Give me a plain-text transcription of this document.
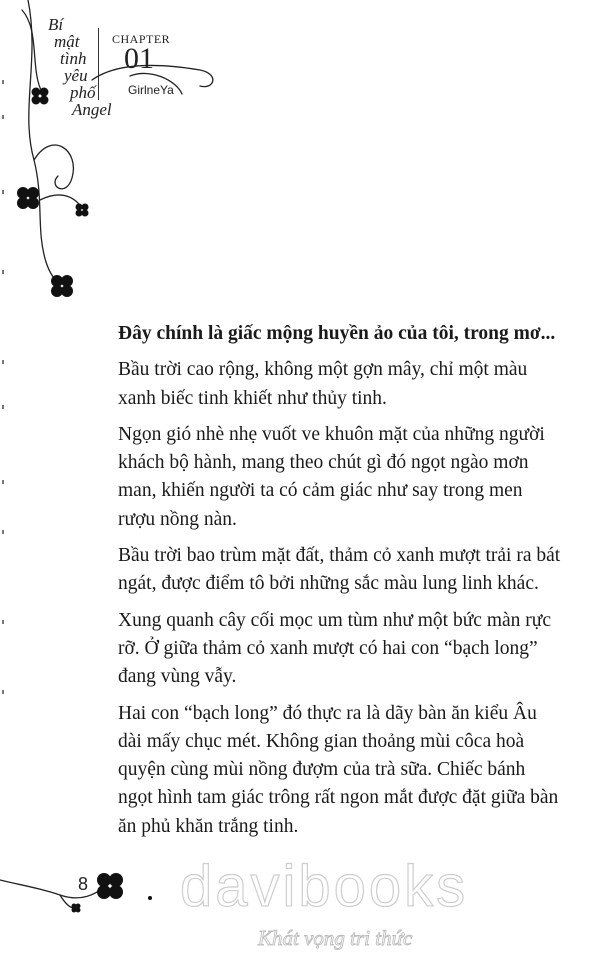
Bí
mật
tình
yêu
phố
Angel
CHAPTER
01
GirlneYa

Đây chính là giấc mộng huyền ảo của tôi, trong mơ...

Bầu trời cao rộng, không một gợn mây, chỉ một màu xanh biếc tinh khiết như thủy tinh.

Ngọn gió nhè nhẹ vuốt ve khuôn mặt của những người khách bộ hành, mang theo chút gì đó ngọt ngào mơn man, khiến người ta có cảm giác như say trong men rượu nồng nàn.

Bầu trời bao trùm mặt đất, thảm cỏ xanh mượt trải ra bát ngát, được điểm tô bởi những sắc màu lung linh khác.

Xung quanh cây cối mọc um tùm như một bức màn rực rỡ. Ở giữa thảm cỏ xanh mượt có hai con “bạch long” đang vùng vẫy.

Hai con “bạch long” đó thực ra là dãy bàn ăn kiểu Âu dài mấy chục mét. Không gian thoảng mùi côca hoà quyện cùng mùi nồng đượm của trà sữa. Chiếc bánh ngọt hình tam giác trông rất ngon mắt được đặt giữa bàn ăn phủ khăn trắng tinh.

8 davibooks
Khát vọng tri thức
